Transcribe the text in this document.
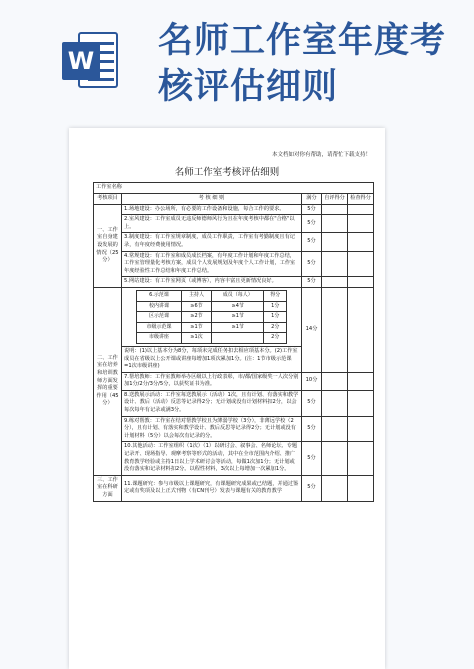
W 名师工作室年度考
核评估细则
本文档如对你有帮助，请帮忙下载支持！
名师工作室考核评估细则
工作室名称
考核项目	考 核 细 则	满分	自评得分	检查得分
一、工作室自身建设发展的情况（25分）	1.场地建设：办公场所，有必要的工作设备和设施，每合工作的要求。	5分		
2.室风建设：工作室成员无违反师德师风行为且在年度考核中都在"合格"以上。	5分		
3.制度建设：有工作室规章制度，成员工作职责，工作室有考勤制度且有记录，有年度经费使用情况。	5分		
4.常规建设：有工作室和成员成长档案，有年度工作计划和年度工作总结，工作室管理量化考核方案，成员个人发展规划及年度个人工作计划，工作室年度经验性工作总结和年度工作总结。	5分		
5.网站建设：有工作室网页（或博客），内容丰富且更新情况良好。	5分		
二、工作室在培养和培训教师方面发挥的重要作用（45分）	
6.示范课	主持人	成员（每人）	得分
校内讲课	≥6节	≥4节	1分
区示范课	≥2节	≥1节	1分
市级示范课	≥1节	≥1节	2分
市级讲座	≥1次		2分
	14分		
说明：(1)以上基本分为8分，每项未完成任务扣去相应项基本分。(2)工作室成员在省级以上公开课或讲座每增加1项次累加1分。(注：1节市级示范课=1次市级讲座)
7.帮培教师：工作室教师举办区级以上行政表彰，市/都/国家级奖一人次分别加1分/2分/3分/5分，以获奖证书为准。	10分		
8.送教展示活动：工作室每送教展示（活动）1次，且有计划、有落实和教学设计、教后（活动）反思等记录得2分；无计划或没有计划材料扣2分，以会每次每年有记录或满3分。	5分		
9.练对帮教：工作室在结对帮教学校且为薄弱学校（3分），非薄远学校（2分），且有计划、有落实和教学设计、教后反思等记录得2分；无计划或没有计划材料（5分）以会每次有记录的分。	5分		
10.其他活动：工作室组织（1次）（1）以研讨会、叙事会、名师论坛、专题记录开、现场指导、观摩考察等形式的活动，其中在全市范围内介绍、推广教育教学经验或主持1日以上学术研讨会等活动，每做1次加1分；无计划或没有落实和记录材料扣2分。以程性材料，3次以上每增加一次累加1分。	5分		
三、工作室在科研方面	11.课题研究：参与市级以上课题研究，有课题研究成果或已结题，并通过鉴定或有奖项及以上正式刊物（有CN刊号）发表与课题有关的教育教学	5分		
